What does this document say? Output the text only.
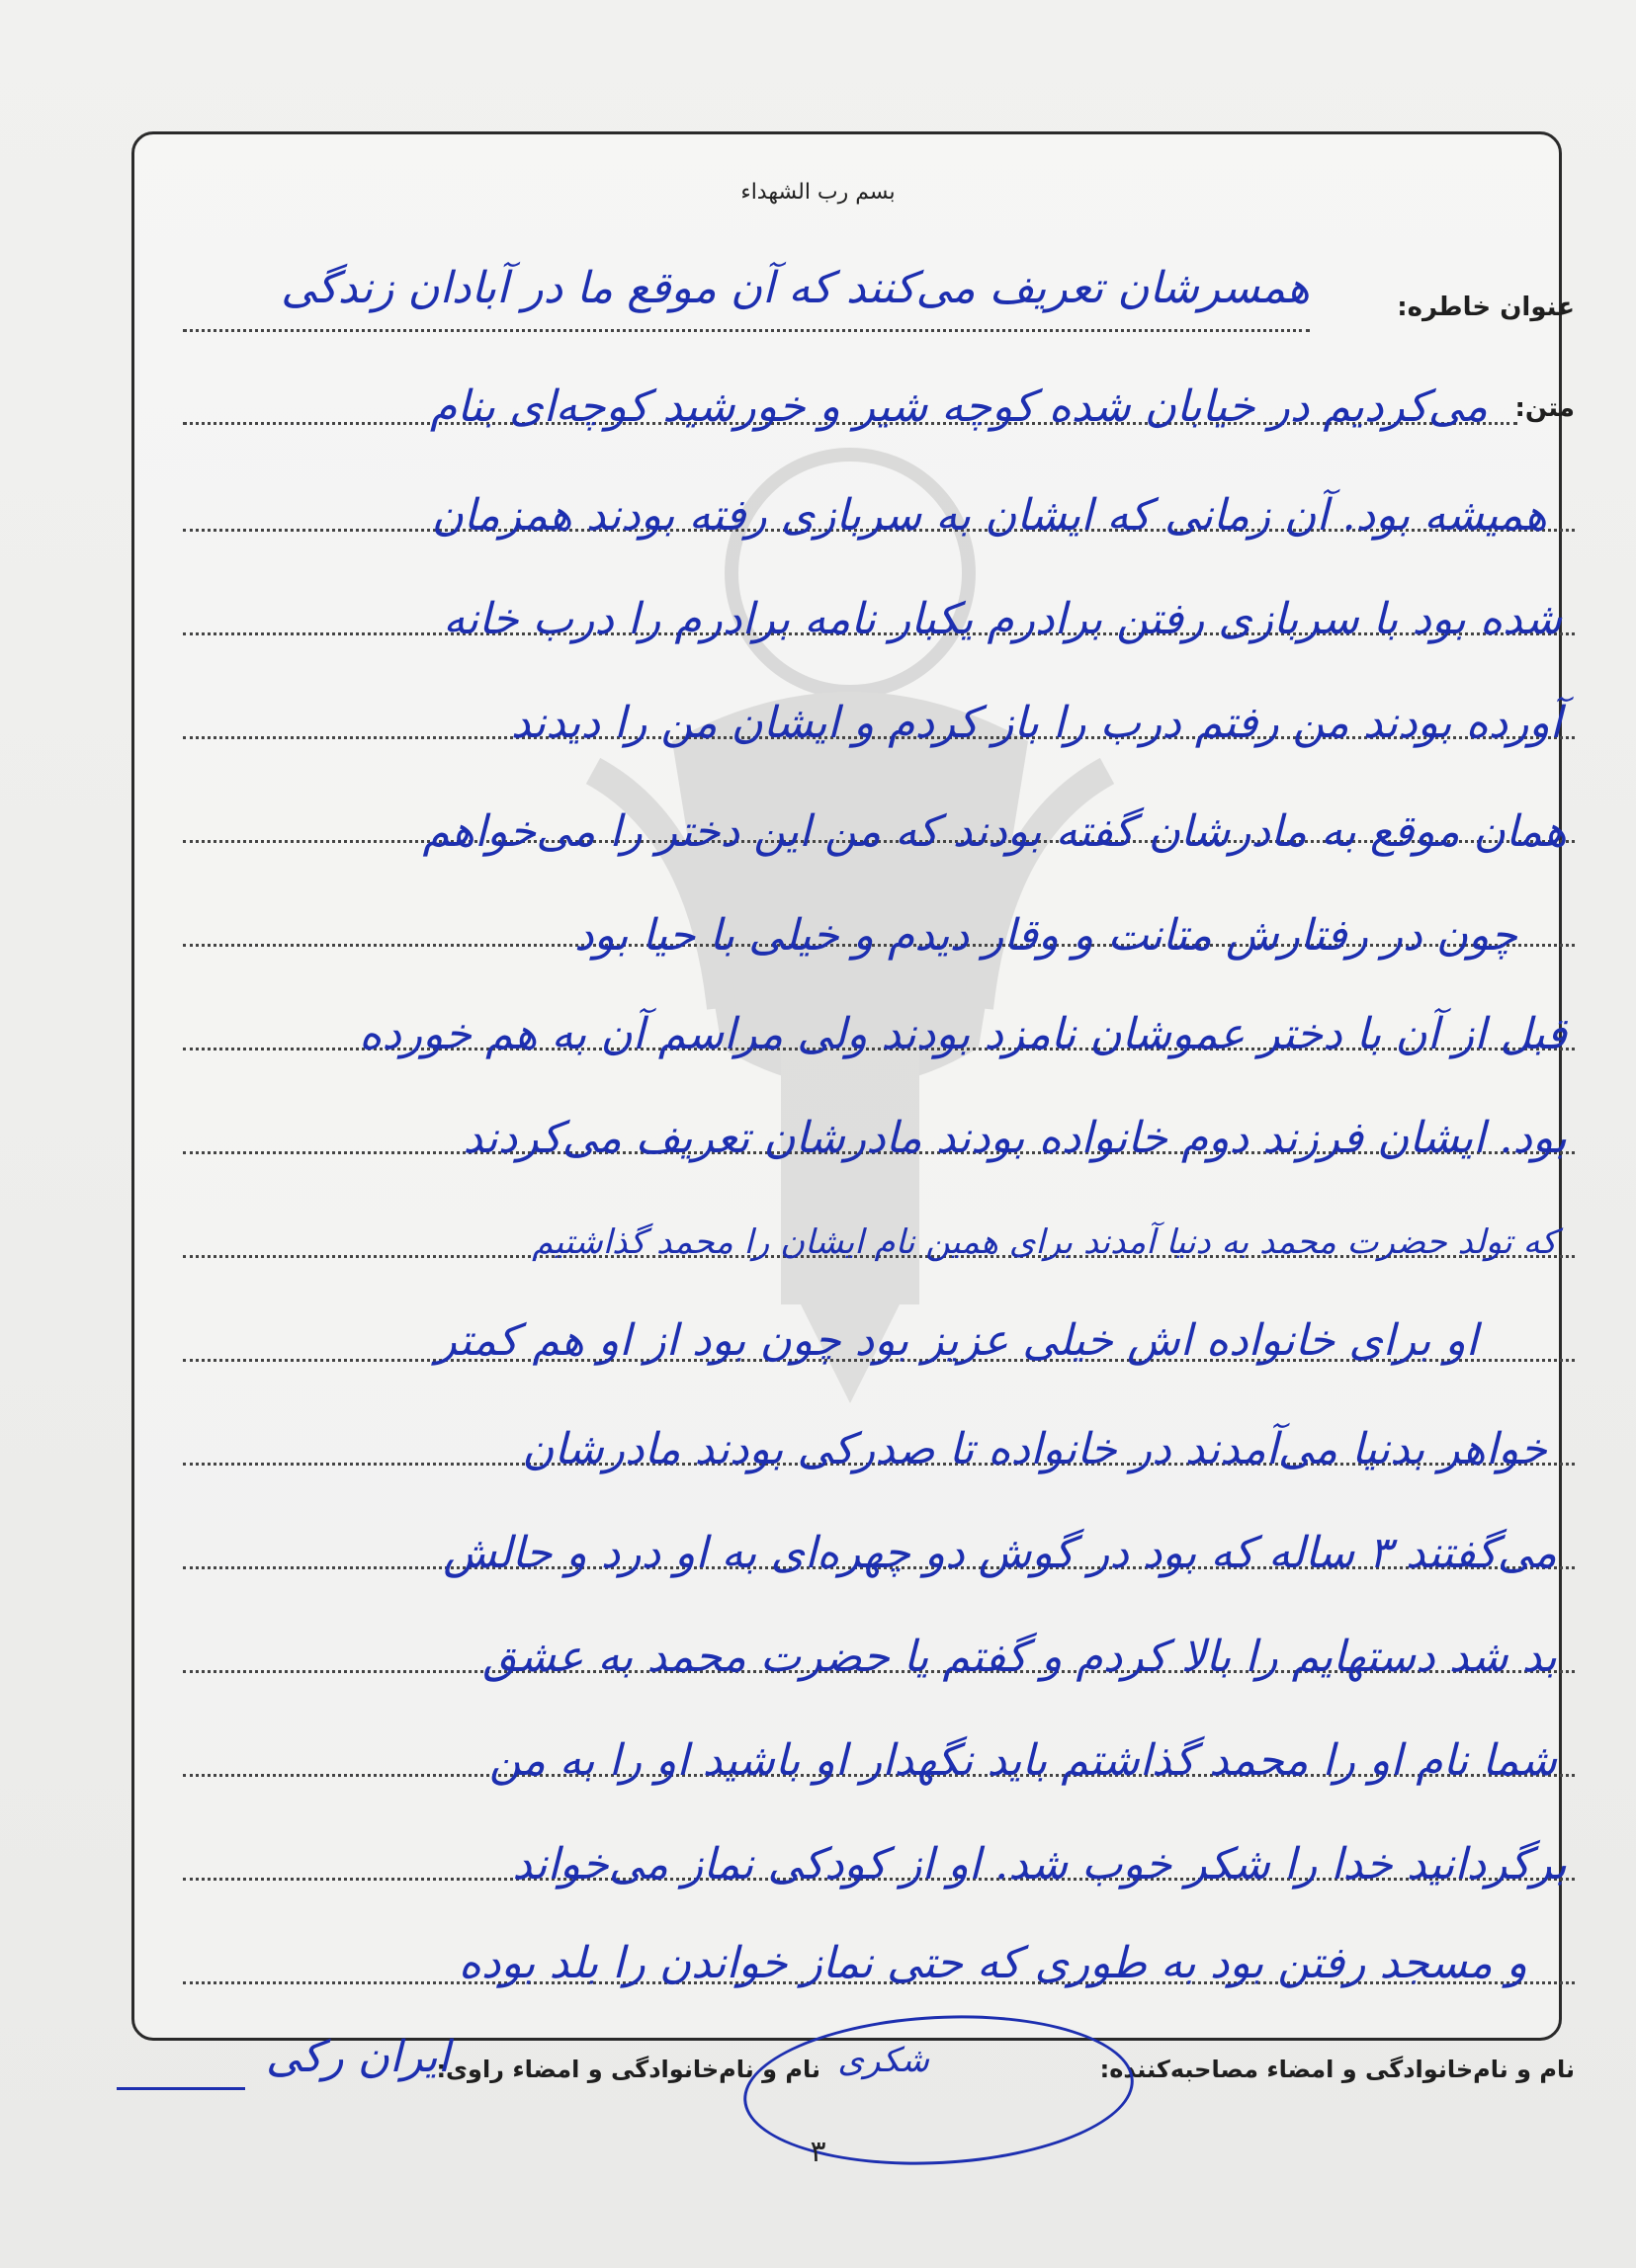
بسم رب الشهداء
عنوان خاطره:
همسرشان تعریف می‌کنند که آن موقع ما در آبادان زندگی
متن:
می‌کردیم در خیابان شده کوچه شیر و خورشید کوچه‌ای بنام
همیشه بود. آن زمانی که ایشان به سربازی رفته بودند همزمان
شده بود با سربازی رفتن برادرم یکبار نامه برادرم را درب خانه
آورده بودند من رفتم درب را باز کردم و ایشان من را دیدند
همان موقع به مادرشان گفته بودند که من این دختر را می‌خواهم
چون در رفتارش متانت و وقار دیدم و خیلی با حیا بود
قبل از آن با دختر عموشان نامزد بودند ولی مراسم آن به هم خورده
بود. ایشان فرزند دوم خانواده بودند مادرشان تعریف می‌کردند
که تولد حضرت محمد به دنیا آمدند برای همین نام ایشان را محمد گذاشتیم
او برای خانواده اش خیلی عزیز بود چون بود از او هم کمتر
خواهر بدنیا می‌آمدند در خانواده تا صدرکی بودند مادرشان
می‌گفتند ۳ ساله که بود در گوش دو چهره‌ای به او درد و حالش
بد شد دستهایم را بالا کردم و گفتم یا حضرت محمد به عشق
شما نام او را محمد گذاشتم باید نگهدار او باشید او را به من
برگردانید خدا را شکر خوب شد. او از کودکی نماز می‌خواند
و مسجد رفتن بود به طوری که حتی نماز خواندن را بلد بوده
نام و نام‌خانوادگی و امضاء مصاحبه‌کننده:
نام و نام‌خانوادگی و امضاء راوی: شکری
ایران رکی
۳
